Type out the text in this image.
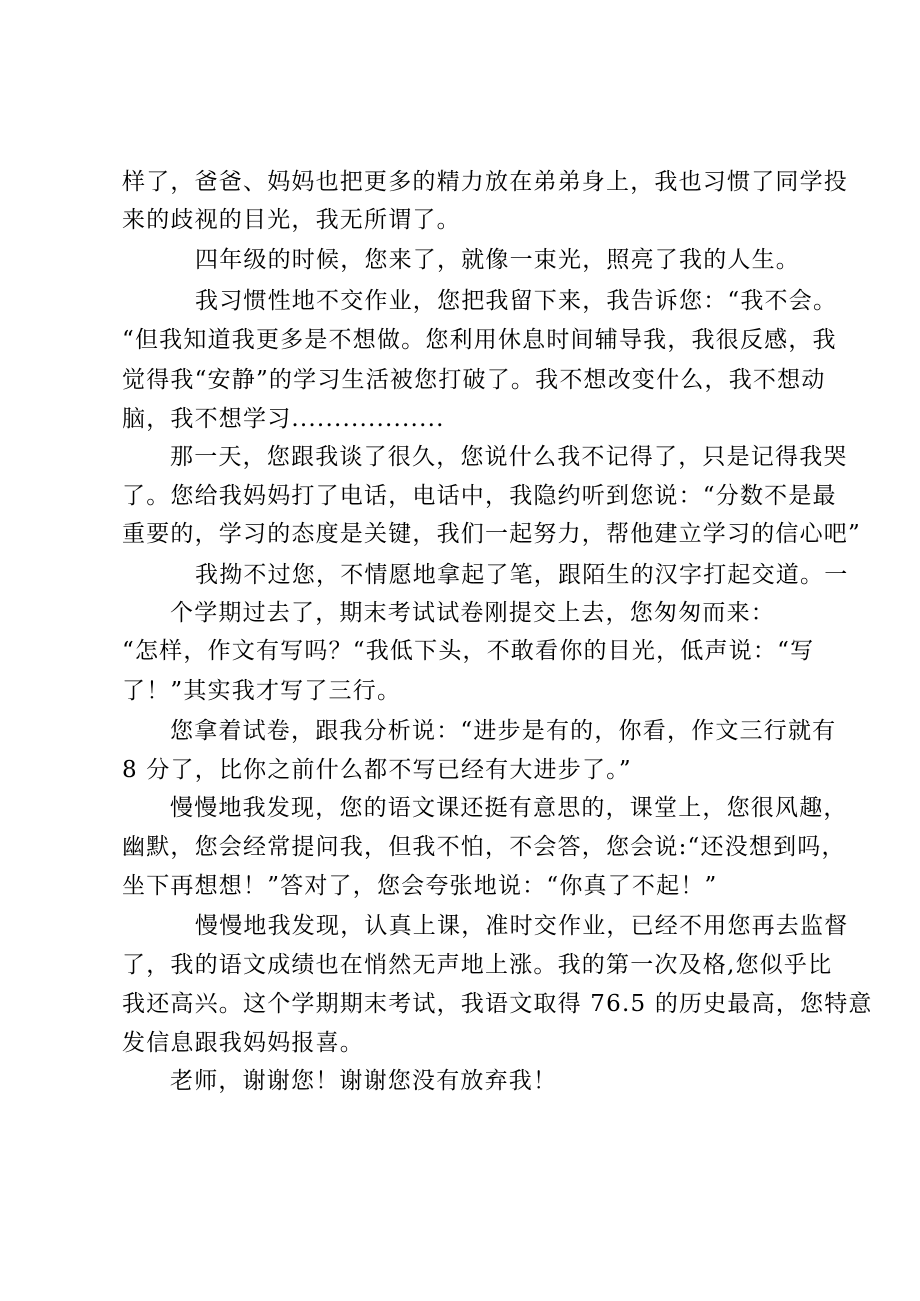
样了，爸爸、妈妈也把更多的精力放在弟弟身上，我也习惯了同学投
来的歧视的目光，我无所谓了。
四年级的时候，您来了，就像一束光，照亮了我的人生。
我习惯性地不交作业，您把我留下来，我告诉您：“我不会。
“但我知道我更多是不想做。您利用休息时间辅导我，我很反感，我
觉得我“安静”的学习生活被您打破了。我不想改变什么，我不想动
脑，我不想学习..................
那一天，您跟我谈了很久，您说什么我不记得了，只是记得我哭
了。您给我妈妈打了电话，电话中，我隐约听到您说：“分数不是最
重要的，学习的态度是关键，我们一起努力，帮他建立学习的信心吧”
我拗不过您，不情愿地拿起了笔，跟陌生的汉字打起交道。一
个学期过去了，期末考试试卷刚提交上去，您匆匆而来：
“怎样，作文有写吗？“我低下头，不敢看你的目光，低声说：“写
了！”其实我才写了三行。
您拿着试卷，跟我分析说：“进步是有的，你看，作文三行就有
8 分了，比你之前什么都不写已经有大进步了。”
慢慢地我发现，您的语文课还挺有意思的，课堂上，您很风趣，
幽默，您会经常提问我，但我不怕，不会答，您会说:“还没想到吗，
坐下再想想！”答对了，您会夸张地说：“你真了不起！”
慢慢地我发现，认真上课，准时交作业，已经不用您再去监督
了，我的语文成绩也在悄然无声地上涨。我的第一次及格,您似乎比
我还高兴。这个学期期末考试，我语文取得 76.5 的历史最高，您特意
发信息跟我妈妈报喜。
老师，谢谢您！谢谢您没有放弃我！
